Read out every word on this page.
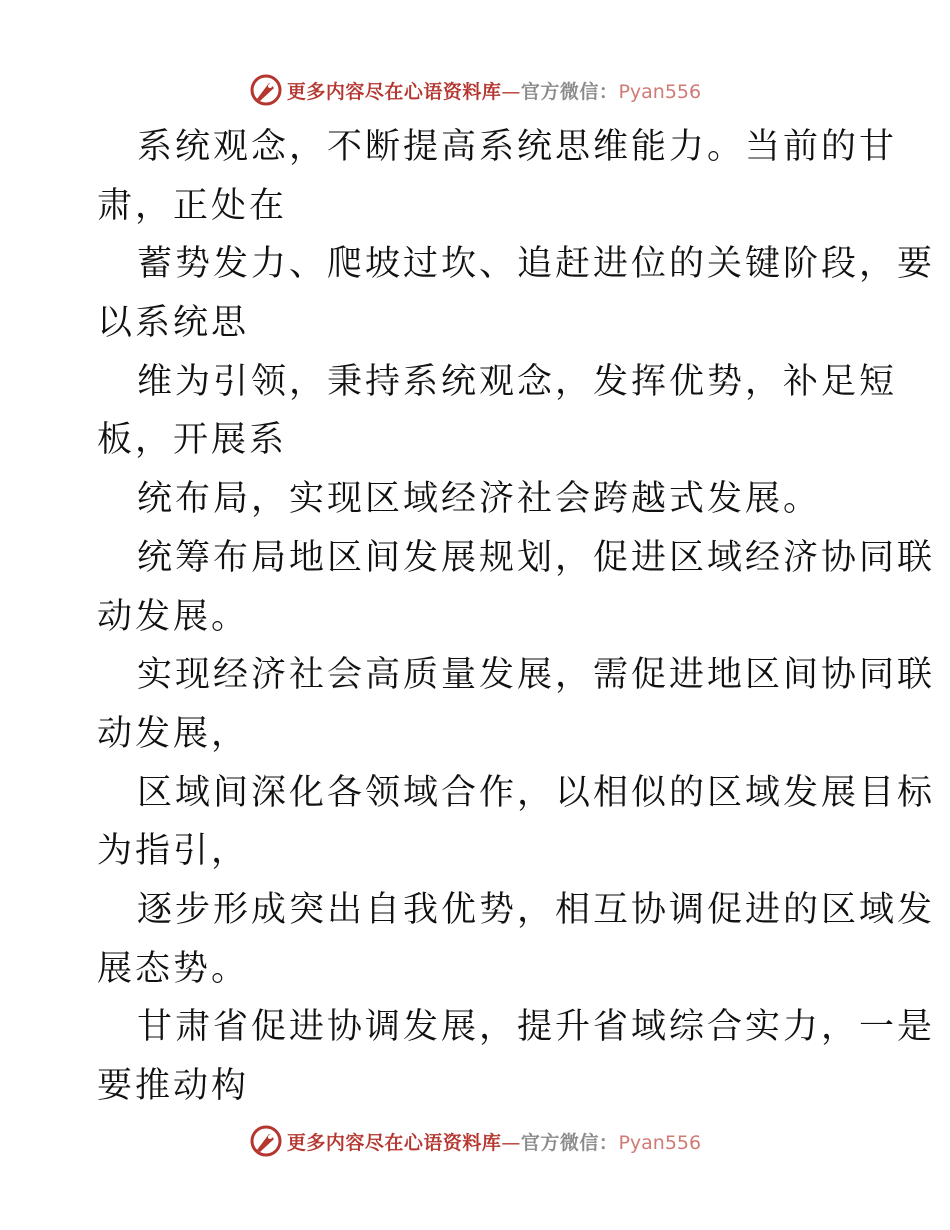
更多内容尽在心语资料库—官方微信：Pyan556
系统观念，不断提高系统思维能力。当前的甘
肃，正处在
蓄势发力、爬坡过坎、追赶进位的关键阶段，要
以系统思
维为引领，秉持系统观念，发挥优势，补足短
板，开展系
统布局，实现区域经济社会跨越式发展。
统筹布局地区间发展规划，促进区域经济协同联
动发展。
实现经济社会高质量发展，需促进地区间协同联
动发展，
区域间深化各领域合作，以相似的区域发展目标
为指引，
逐步形成突出自我优势，相互协调促进的区域发
展态势。
甘肃省促进协调发展，提升省域综合实力，一是
要推动构
更多内容尽在心语资料库—官方微信：Pyan556
